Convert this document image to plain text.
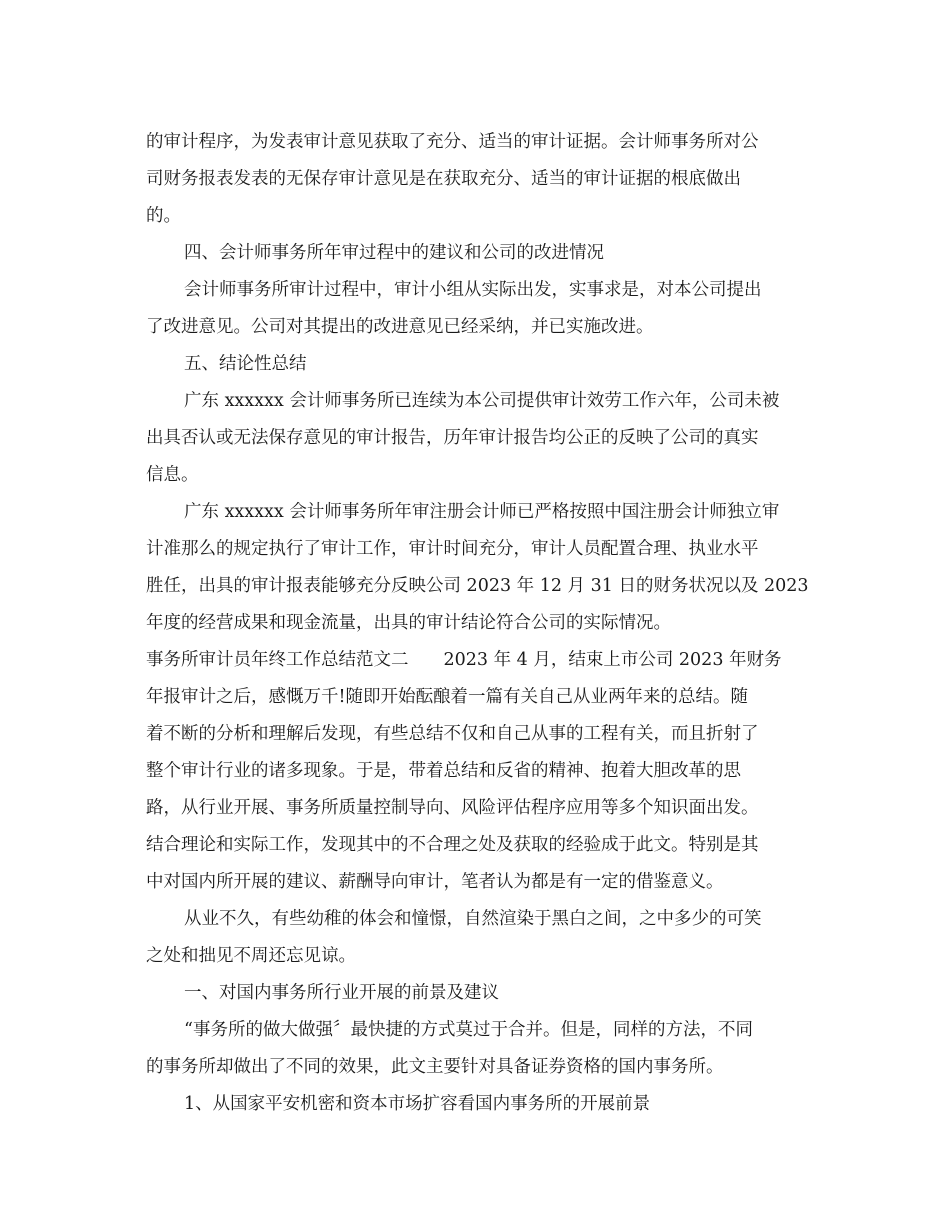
的审计程序，为发表审计意见获取了充分、适当的审计证据。会计师事务所对公
司财务报表发表的无保存审计意见是在获取充分、适当的审计证据的根底做出
的。
四、会计师事务所年审过程中的建议和公司的改进情况
会计师事务所审计过程中，审计小组从实际出发，实事求是，对本公司提出
了改进意见。公司对其提出的改进意见已经采纳，并已实施改进。
五、结论性总结
广东 xxxxxx 会计师事务所已连续为本公司提供审计效劳工作六年，公司未被
出具否认或无法保存意见的审计报告，历年审计报告均公正的反映了公司的真实
信息。
广东 xxxxxx 会计师事务所年审注册会计师已严格按照中国注册会计师独立审
计准那么的规定执行了审计工作，审计时间充分，审计人员配置合理、执业水平
胜任，出具的审计报表能够充分反映公司 2023 年 12 月 31 日的财务状况以及 2023
年度的经营成果和现金流量，出具的审计结论符合公司的实际情况。
事务所审计员年终工作总结范文二　　2023 年 4 月，结束上市公司 2023 年财务
年报审计之后，感慨万千!随即开始酝酿着一篇有关自己从业两年来的总结。随
着不断的分析和理解后发现，有些总结不仅和自己从事的工程有关，而且折射了
整个审计行业的诸多现象。于是，带着总结和反省的精神、抱着大胆改革的思
路，从行业开展、事务所质量控制导向、风险评估程序应用等多个知识面出发。
结合理论和实际工作，发现其中的不合理之处及获取的经验成于此文。特别是其
中对国内所开展的建议、薪酬导向审计，笔者认为都是有一定的借鉴意义。
从业不久，有些幼稚的体会和憧憬，自然渲染于黑白之间，之中多少的可笑
之处和拙见不周还忘见谅。
一、对国内事务所行业开展的前景及建议
“事务所的做大做强〞最快捷的方式莫过于合并。但是，同样的方法，不同
的事务所却做出了不同的效果，此文主要针对具备证券资格的国内事务所。
1、从国家平安机密和资本市场扩容看国内事务所的开展前景
